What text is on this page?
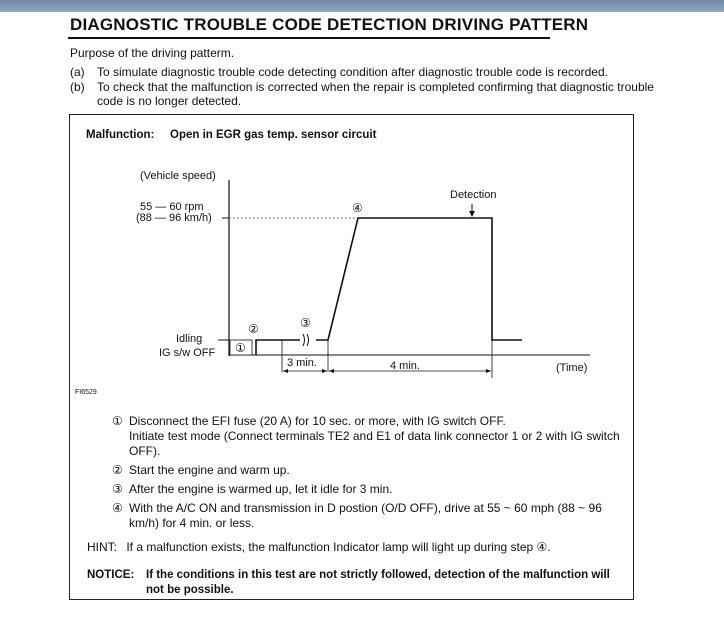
DIAGNOSTIC TROUBLE CODE DETECTION DRIVING PATTERN
Purpose of the driving patterm.
(a) To simulate diagnostic trouble code detecting condition after diagnostic trouble code is recorded.
(b) To check that the malfunction is corrected when the repair is completed confirming that diagnostic trouble code is no longer detected.
Malfunction: Open in EGR gas temp. sensor circuit
(Vehicle speed)
55 — 60 rpm
(88 — 96 km/h)
Detection
Idling
IG s/w OFF ①
②	③
④
3 min.	4 min.	(Time)
FI6529
① Disconnect the EFI fuse (20 A) for 10 sec. or more, with IG switch OFF.
Initiate test mode (Connect terminals TE2 and E1 of data link connector 1 or 2 with IG switch OFF).
② Start the engine and warm up.
③ After the engine is warmed up, let it idle for 3 min.
④ With the A/C ON and transmission in D postion (O/D OFF), drive at 55 ~ 60 mph (88 ~ 96 km/h) for 4 min. or less.
HINT: If a malfunction exists, the malfunction Indicator lamp will light up during step ④.
NOTICE: If the conditions in this test are not strictly followed, detection of the malfunction will not be possible.
